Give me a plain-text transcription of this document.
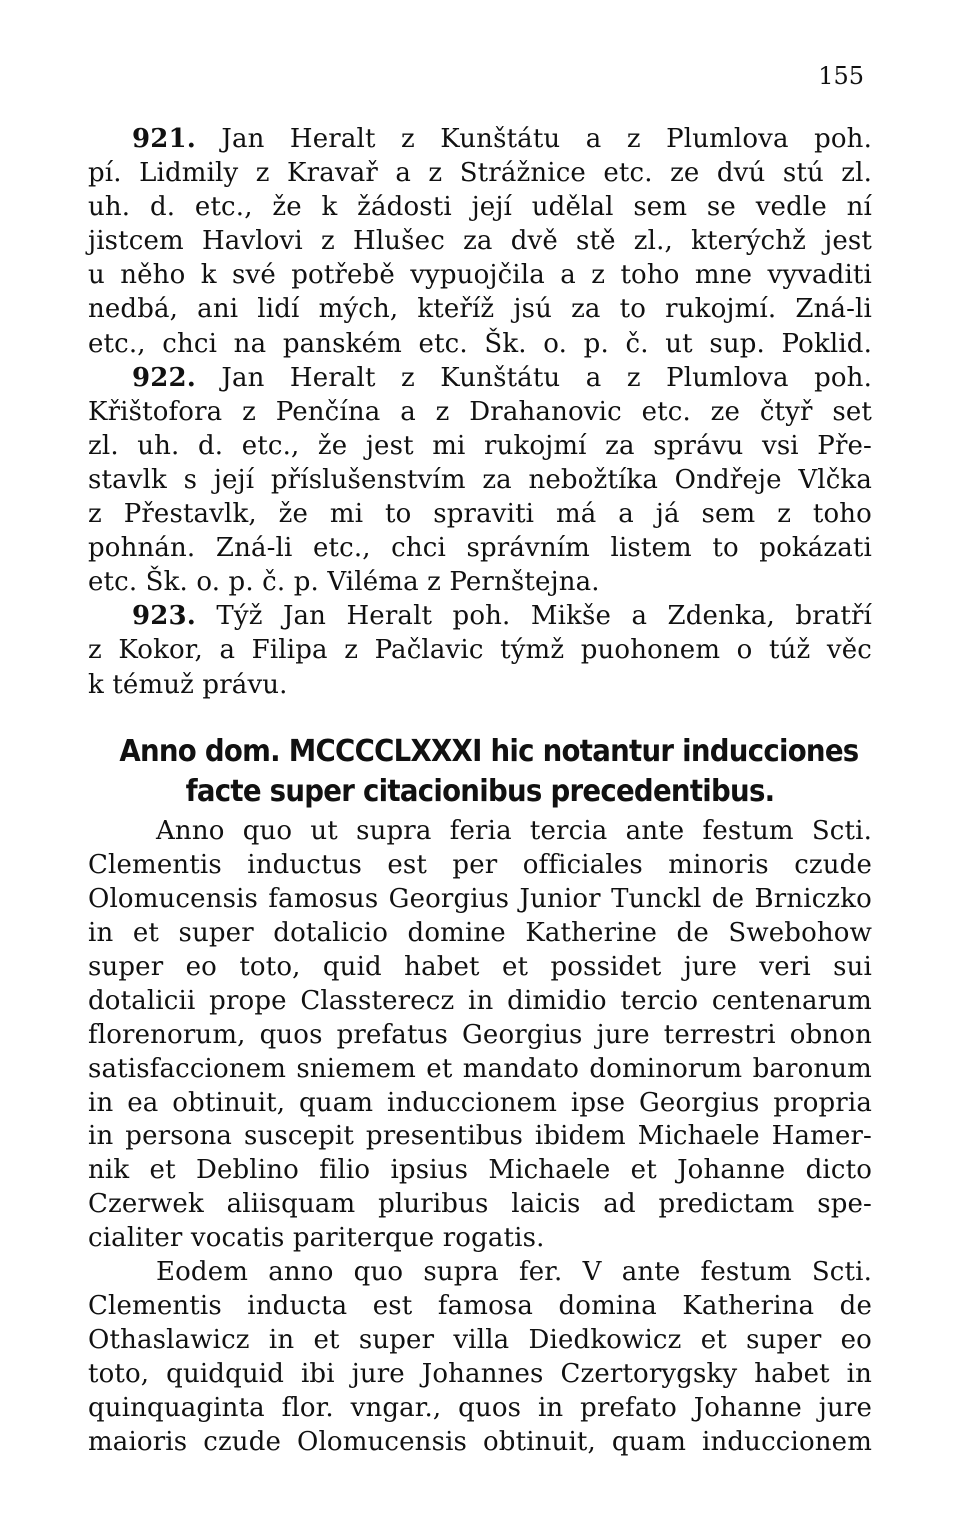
155
921. Jan Heralt z Kunštátu a z Plumlova poh.
pí. Lidmily z Kravař a z Strážnice etc. ze dvú stú zl.
uh. d. etc., že k žádosti její udělal sem se vedle ní
jistcem Havlovi z Hlušec za dvě stě zl., kterýchž jest
u něho k své potřebě vypuojčila a z toho mne vyvaditi
nedbá, ani lidí mých, kteříž jsú za to rukojmí. Zná-li
etc., chci na panském etc. Šk. o. p. č. ut sup. Poklid.
922. Jan Heralt z Kunštátu a z Plumlova poh.
Křištofora z Penčína a z Drahanovic etc. ze čtyř set
zl. uh. d. etc., že jest mi rukojmí za správu vsi Pře-
stavlk s její příslušenstvím za nebožtíka Ondřeje Vlčka
z Přestavlk, že mi to spraviti má a já sem z toho
pohnán. Zná-li etc., chci správním listem to pokázati
etc. Šk. o. p. č. p. Viléma z Pernštejna.
923. Týž Jan Heralt poh. Mikše a Zdenka, bratří
z Kokor, a Filipa z Pačlavic týmž puohonem o túž věc
k témuž právu.
Anno dom. MCCCCLXXXI hic notantur inducciones
facte super citacionibus precedentibus.
Anno quo ut supra feria tercia ante festum Scti.
Clementis inductus est per officiales minoris czude
Olomucensis famosus Georgius Junior Tunckl de Brniczko
in et super dotalicio domine Katherine de Swebohow
super eo toto, quid habet et possidet jure veri sui
dotalicii prope Classterecz in dimidio tercio centenarum
florenorum, quos prefatus Georgius jure terrestri obnon
satisfaccionem sniemem et mandato dominorum baronum
in ea obtinuit, quam inducc​ionem ipse Georgius propria
in persona suscepit presentibus ibidem Michaele Hamer-
nik et Deblino filio ipsius Michaele et Johanne dicto
Czerwek aliisquam pluribus laicis ad predictam spe-
cialiter vocatis pariterque rogatis.
Eodem anno quo supra fer. V ante festum Scti.
Clementis inducta est famosa domina Katherina de
Othaslawicz in et super villa Diedkowicz et super eo
toto, quidquid ibi jure Johannes Czertorygsky habet in
quinquaginta flor. vngar., quos in prefato Johanne jure
maioris czude Olomucensis obtinuit, quam inducc​ionem
